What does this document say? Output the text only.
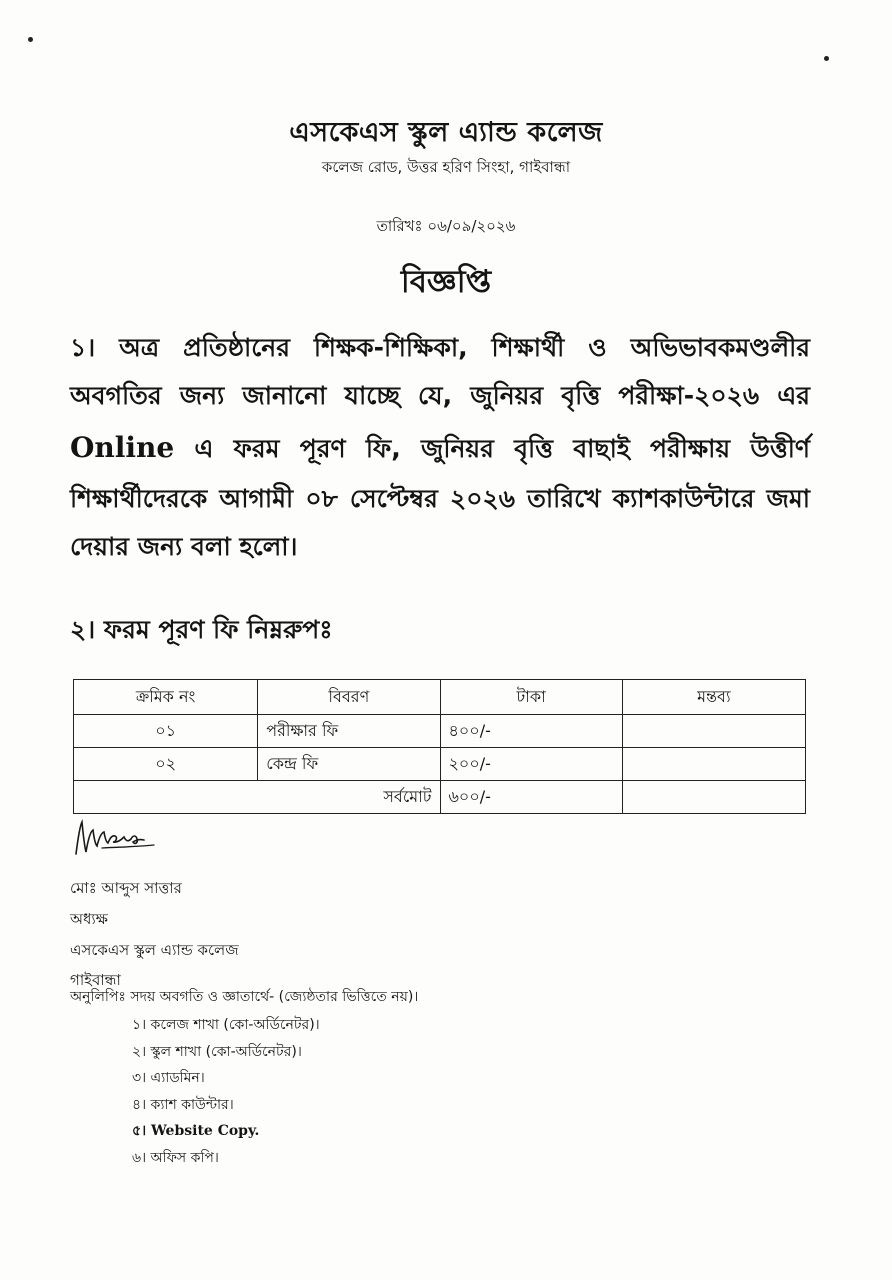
এসকেএস স্কুল এ্যান্ড কলেজ
কলেজ রোড, উত্তর হরিণ সিংহা, গাইবান্ধা
তারিখঃ ০৬/০৯/২০২৬
বিজ্ঞপ্তি
১। অত্র প্রতিষ্ঠানের শিক্ষক-শিক্ষিকা, শিক্ষার্থী ও অভিভাবকমণ্ডলীর অবগতির জন্য জানানো যাচ্ছে যে, জুনিয়র বৃত্তি পরীক্ষা-২০২৬ এর Online এ ফরম পূরণ ফি, জুনিয়র বৃত্তি বাছাই পরীক্ষায় উত্তীর্ণ শিক্ষার্থীদেরকে আগামী ০৮ সেপ্টেম্বর ২০২৬ তারিখে ক্যাশকাউন্টারে জমা দেয়ার জন্য বলা হলো।
২। ফরম পূরণ ফি নিম্নরুপঃ
ক্রমিক নং	বিবরণ	টাকা	মন্তব্য
০১	পরীক্ষার ফি	৪০০/-	
০২	কেন্দ্র ফি	২০০/-	
সর্বমোট		৬০০/-	
মোঃ আব্দুস সাত্তার
অধ্যক্ষ
এসকেএস স্কুল এ্যান্ড কলেজ
গাইবান্ধা
অনুলিপিঃ সদয় অবগতি ও জ্ঞাতার্থে- (জ্যেষ্ঠতার ভিত্তিতে নয়)।
১। কলেজ শাখা (কো-অর্ডিনেটর)।
২। স্কুল শাখা (কো-অর্ডিনেটর)।
৩। এ্যাডমিন।
৪। ক্যাশ কাউন্টার।
৫। Website Copy.
৬। অফিস কপি।
